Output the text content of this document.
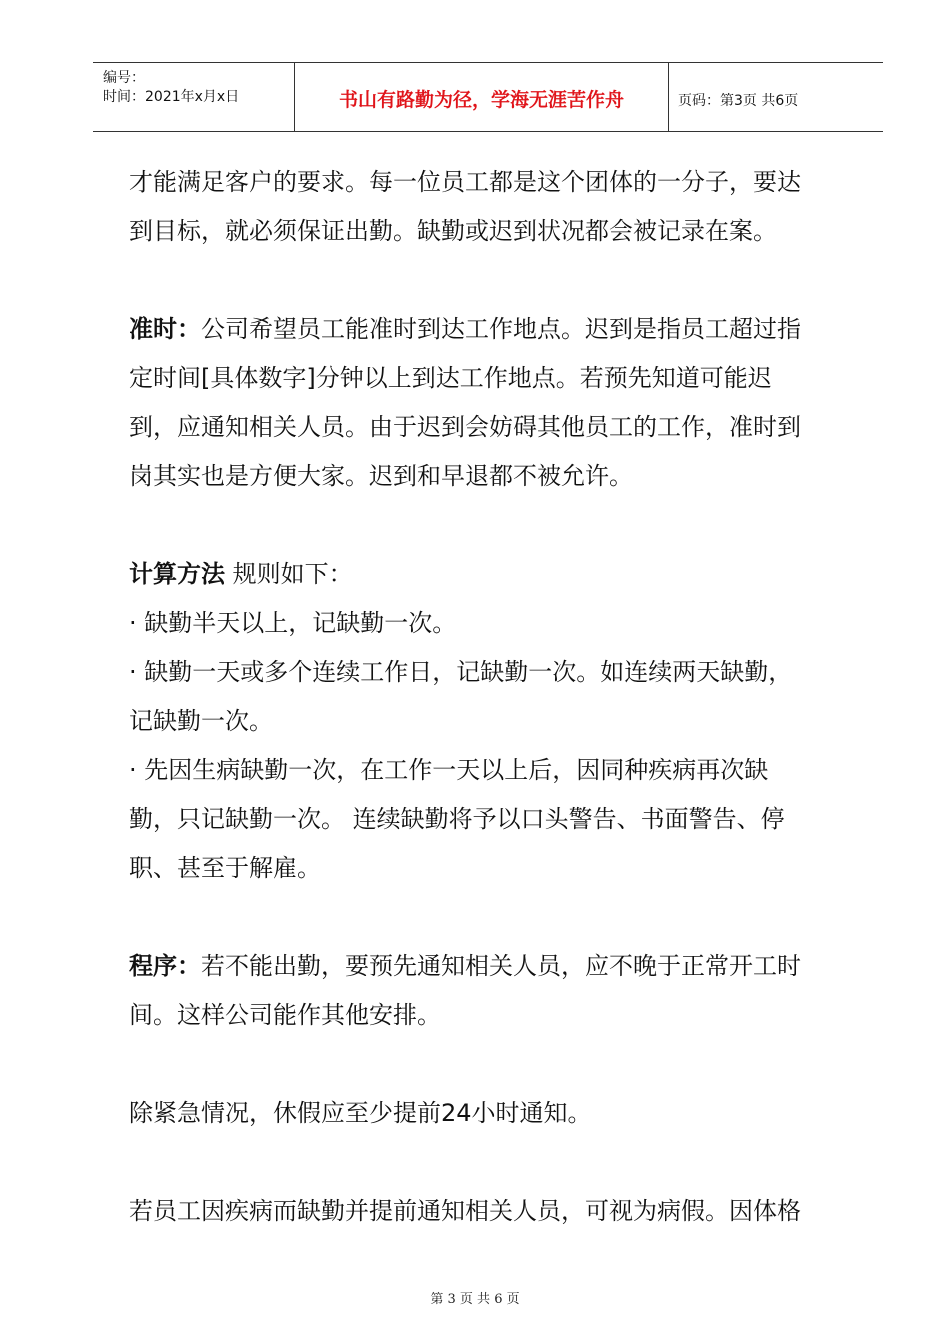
编号：
时间：2021年x月x日	书山有路勤为径，学海无涯苦作舟	页码：第3页 共6页

才能满足客户的要求。每一位员工都是这个团体的一分子，要达

到目标，就必须保证出勤。缺勤或迟到状况都会被记录在案。

准时：公司希望员工能准时到达工作地点。迟到是指员工超过指

定时间[具体数字]分钟以上到达工作地点。若预先知道可能迟

到，应通知相关人员。由于迟到会妨碍其他员工的工作，准时到

岗其实也是方便大家。迟到和早退都不被允许。

计算方法 规则如下：

· 缺勤半天以上，记缺勤一次。

· 缺勤一天或多个连续工作日，记缺勤一次。如连续两天缺勤，

记缺勤一次。

· 先因生病缺勤一次，在工作一天以上后，因同种疾病再次缺

勤，只记缺勤一次。 连续缺勤将予以口头警告、书面警告、停

职、甚至于解雇。

程序：若不能出勤，要预先通知相关人员，应不晚于正常开工时

间。这样公司能作其他安排。

除紧急情况，休假应至少提前24小时通知。

若员工因疾病而缺勤并提前通知相关人员，可视为病假。因体格

第 3 页 共 6 页
